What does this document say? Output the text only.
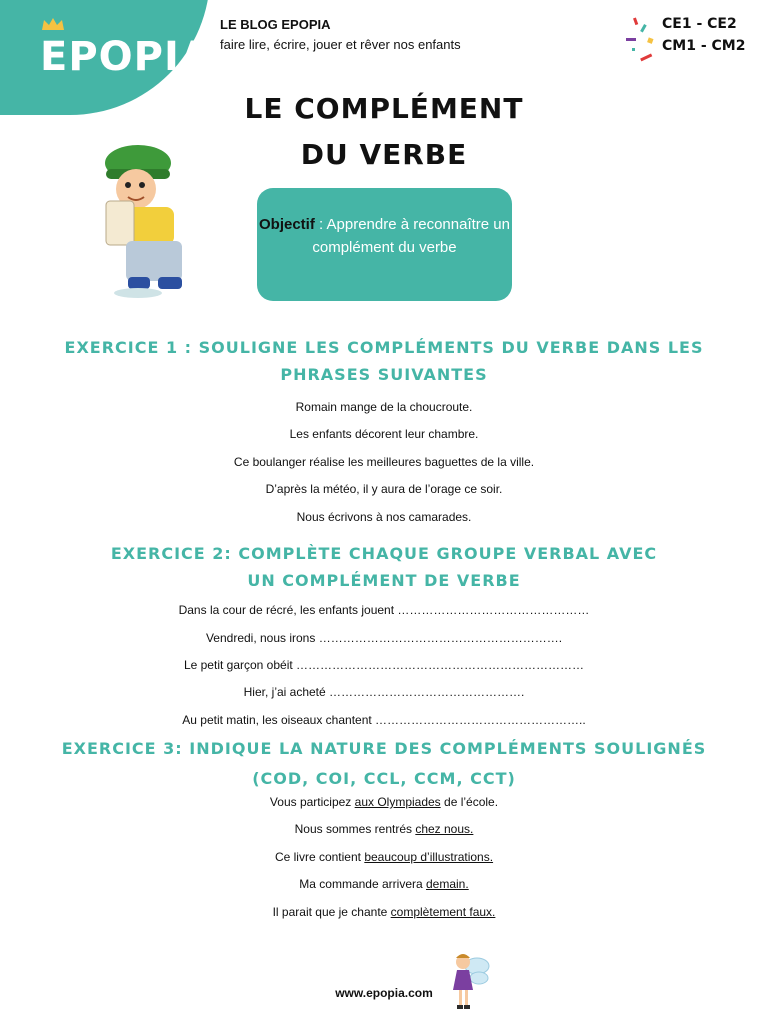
EPOPIA
LE BLOG EPOPIA
faire lire, écrire, jouer et rêver nos enfants
CE1 - CE2
CM1 - CM2
LE COMPLÉMENT
DU VERBE
Objectif : Apprendre à reconnaître un complément du verbe
EXERCICE 1 : SOULIGNE LES COMPLÉMENTS DU VERBE DANS LES
PHRASES SUIVANTES
Romain mange de la choucroute.
Les enfants décorent leur chambre.
Ce boulanger réalise les meilleures baguettes de la ville.
D’après la météo, il y aura de l’orage ce soir.
Nous écrivons à nos camarades.
EXERCICE 2: COMPLÈTE CHAQUE GROUPE VERBAL AVEC
UN COMPLÉMENT DE VERBE
Dans la cour de récré, les enfants jouent …………………………………………
Vendredi, nous irons …………………………………………………….
Le petit garçon obéit ………………………………………………………………
Hier, j’ai acheté ………………………………………….
Au petit matin, les oiseaux chantent ……………………………………………..
EXERCICE 3: INDIQUE LA NATURE DES COMPLÉMENTS SOULIGNÉS
(COD, COI, CCL, CCM, CCT)
Vous participez aux Olympiades de l’école.
Nous sommes rentrés chez nous.
Ce livre contient beaucoup d’illustrations.
Ma commande arrivera demain.
Il parait que je chante complètement faux.
www.epopia.com
